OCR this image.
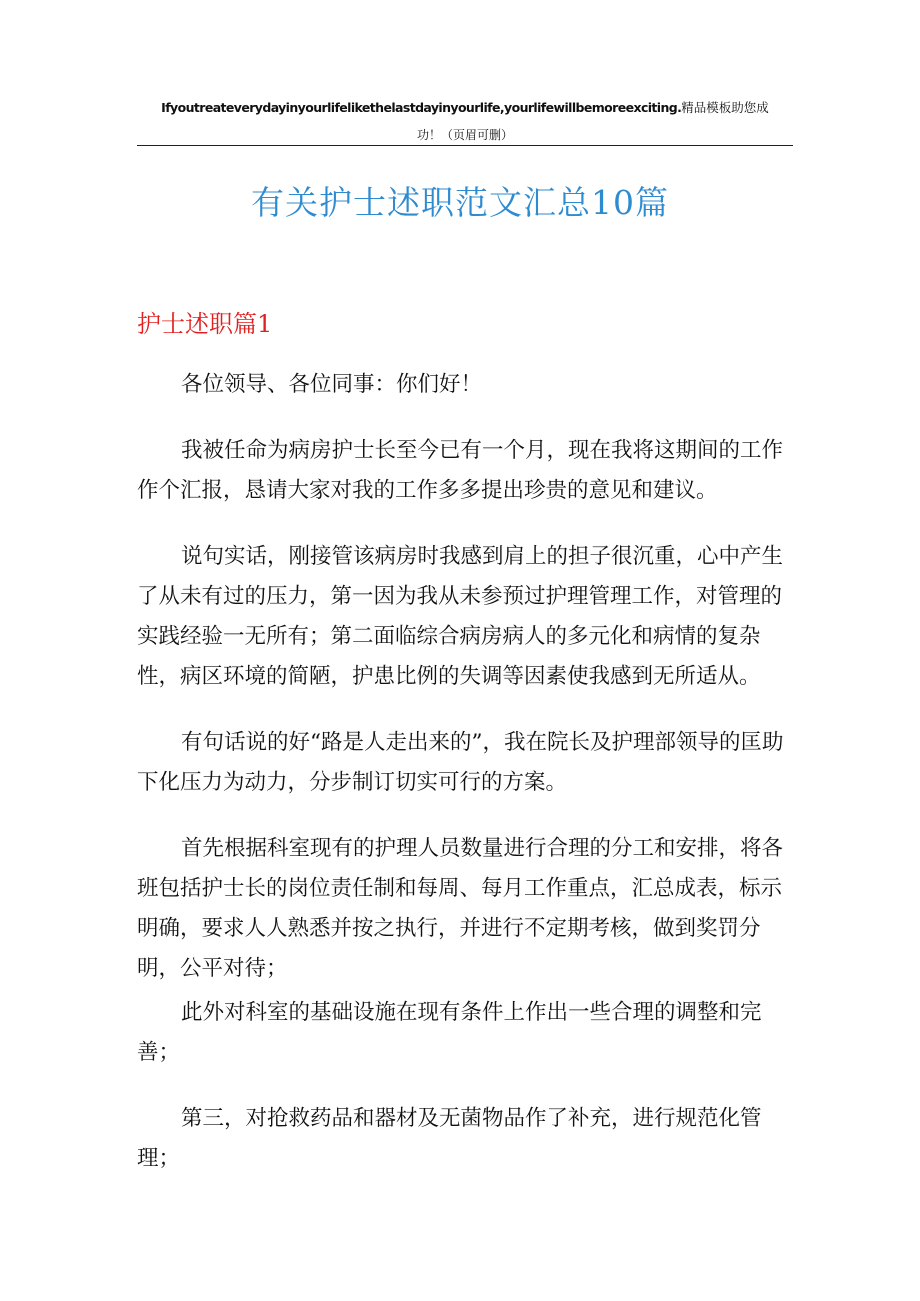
Ifyoutreateverydayinyourlifelikethelastdayinyourlife,yourlifewillbemoreexciting.精品模板助您成
功！（页眉可删）
有关护士述职范文汇总10篇
护士述职篇1

各位领导、各位同事：你们好！

我被任命为病房护士长至今已有一个月，现在我将这期间的工作作个汇报，恳请大家对我的工作多多提出珍贵的意见和建议。

说句实话，刚接管该病房时我感到肩上的担子很沉重，心中产生了从未有过的压力，第一因为我从未参预过护理管理工作，对管理的实践经验一无所有；第二面临综合病房病人的多元化和病情的复杂性，病区环境的简陋，护患比例的失调等因素使我感到无所适从。

有句话说的好“路是人走出来的”，我在院长及护理部领导的匡助下化压力为动力，分步制订切实可行的方案。

首先根据科室现有的护理人员数量进行合理的分工和安排，将各班包括护士长的岗位责任制和每周、每月工作重点，汇总成表，标示明确，要求人人熟悉并按之执行，并进行不定期考核，做到奖罚分明，公平对待；

此外对科室的基础设施在现有条件上作出一些合理的调整和完善；

第三，对抢救药品和器材及无菌物品作了补充，进行规范化管理；
